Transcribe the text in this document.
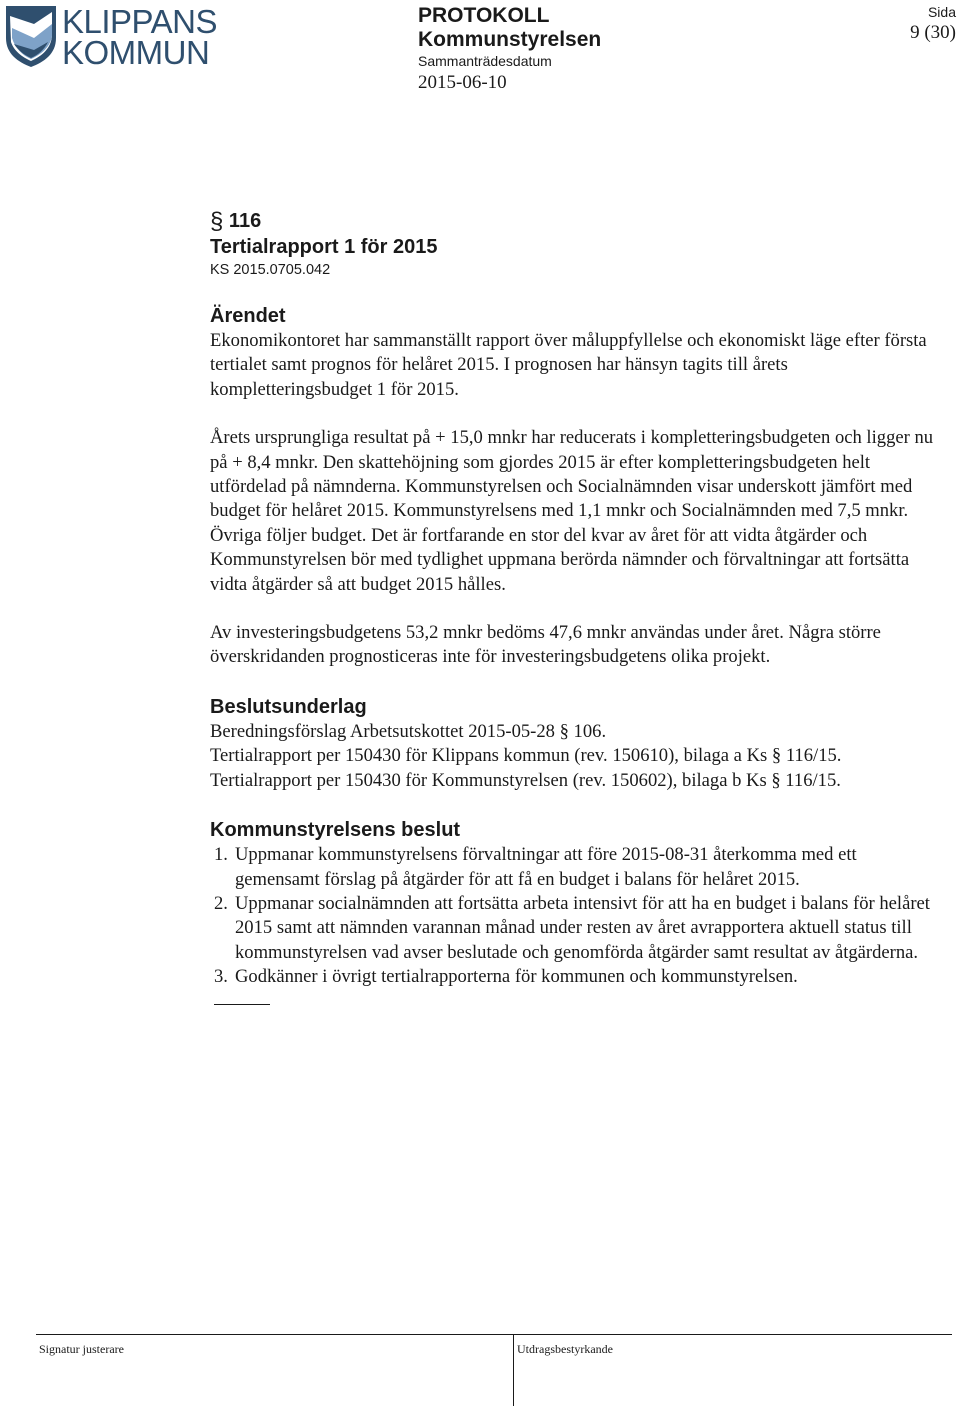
KLIPPANS
KOMMUN
PROTOKOLL
Kommunstyrelsen
Sammanträdesdatum
2015-06-10
Sida
9 (30)
§ 116
Tertialrapport 1 för 2015
KS 2015.0705.042
Ärendet

Ekonomikontoret har sammanställt rapport över måluppfyllelse och ekonomiskt läge efter första tertialet samt prognos för helåret 2015. I prognosen har hänsyn tagits till årets kompletteringsbudget 1 för 2015.

Årets ursprungliga resultat på + 15,0 mnkr har reducerats i kompletteringsbudgeten och ligger nu på + 8,4 mnkr. Den skattehöjning som gjordes 2015 är efter kompletteringsbudgeten helt utfördelad på nämnderna. Kommunstyrelsen och Socialnämnden visar underskott jämfört med budget för helåret 2015. Kommunstyrelsens med 1,1 mnkr och Socialnämnden med 7,5 mnkr. Övriga följer budget. Det är fortfarande en stor del kvar av året för att vidta åtgärder och Kommunstyrelsen bör med tydlighet uppmana berörda nämnder och förvaltningar att fortsätta vidta åtgärder så att budget 2015 hålles.

Av investeringsbudgetens 53,2 mnkr bedöms 47,6 mnkr användas under året. Några större överskridanden prognosticeras inte för investeringsbudgetens olika projekt.

Beslutsunderlag

Beredningsförslag Arbetsutskottet 2015-05-28 § 106.

Tertialrapport per 150430 för Klippans kommun (rev. 150610), bilaga a Ks § 116/15.

Tertialrapport per 150430 för Kommunstyrelsen (rev. 150602), bilaga b Ks § 116/15.

Kommunstyrelsens beslut
1. Uppmanar kommunstyrelsens förvaltningar att före 2015-08-31 återkomma med ett gemensamt förslag på åtgärder för att få en budget i balans för helåret 2015.
2. Uppmanar socialnämnden att fortsätta arbeta intensivt för att ha en budget i balans för helåret 2015 samt att nämnden varannan månad under resten av året avrapportera aktuell status till kommunstyrelsen vad avser beslutade och genomförda åtgärder samt resultat av åtgärderna.
3. Godkänner i övrigt tertialrapporterna för kommunen och kommunstyrelsen.
Signatur justerare	Utdragsbestyrkande
